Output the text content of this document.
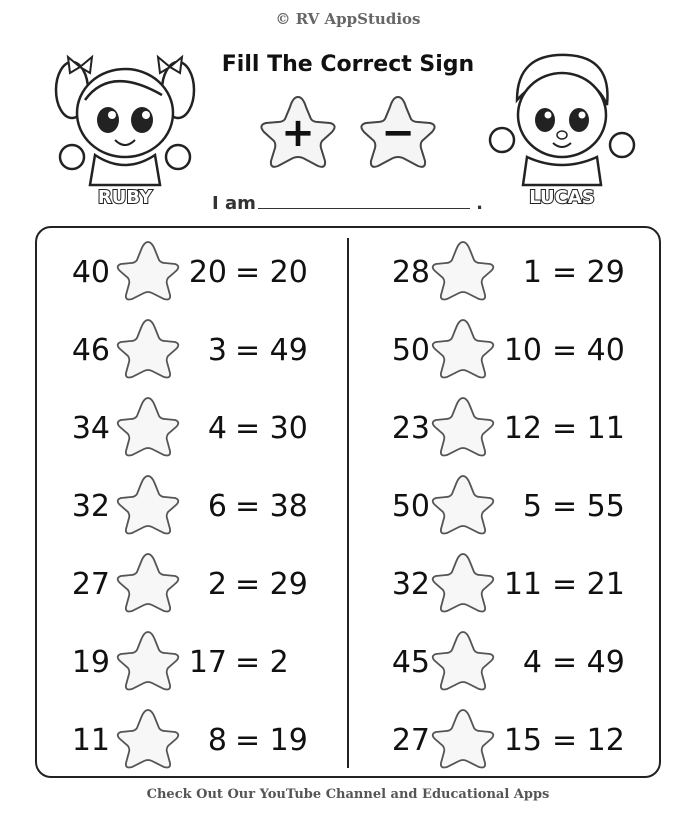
© RV AppStudios
Fill The Correct Sign
RUBY	LUCAS
+ −
I am	.
40	20 = 20
46	3 = 49
34	4 = 30
32	6 = 38
27	2 = 29
19	17 = 2
11	8 = 19
28	1 = 29
50 10 = 40
23 12 = 11
50	5 = 55
32 11 = 21
45	4 = 49
27 15 = 12
Check Out Our YouTube Channel and Educational Apps
